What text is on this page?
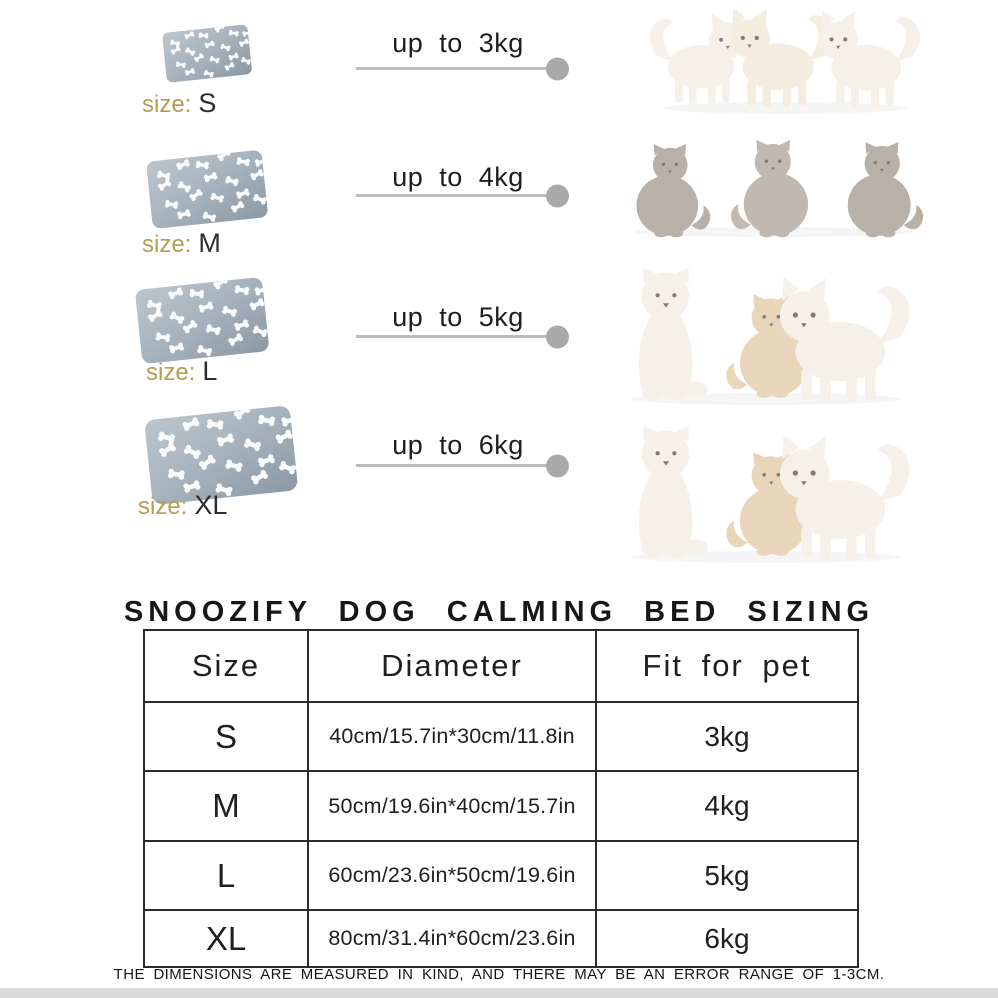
size: S
up to 3kg
size: M
up to 4kg
size: L
up to 5kg
size: XL
up to 6kg
SNOOZIFY DOG CALMING BED SIZING
Size	Diameter	Fit for pet
S	40cm/15.7in*30cm/11.8in	3kg
M	50cm/19.6in*40cm/15.7in	4kg
L	60cm/23.6in*50cm/19.6in	5kg
XL	80cm/31.4in*60cm/23.6in	6kg
THE DIMENSIONS ARE MEASURED IN KIND, AND THERE MAY BE AN ERROR RANGE OF 1-3CM.
